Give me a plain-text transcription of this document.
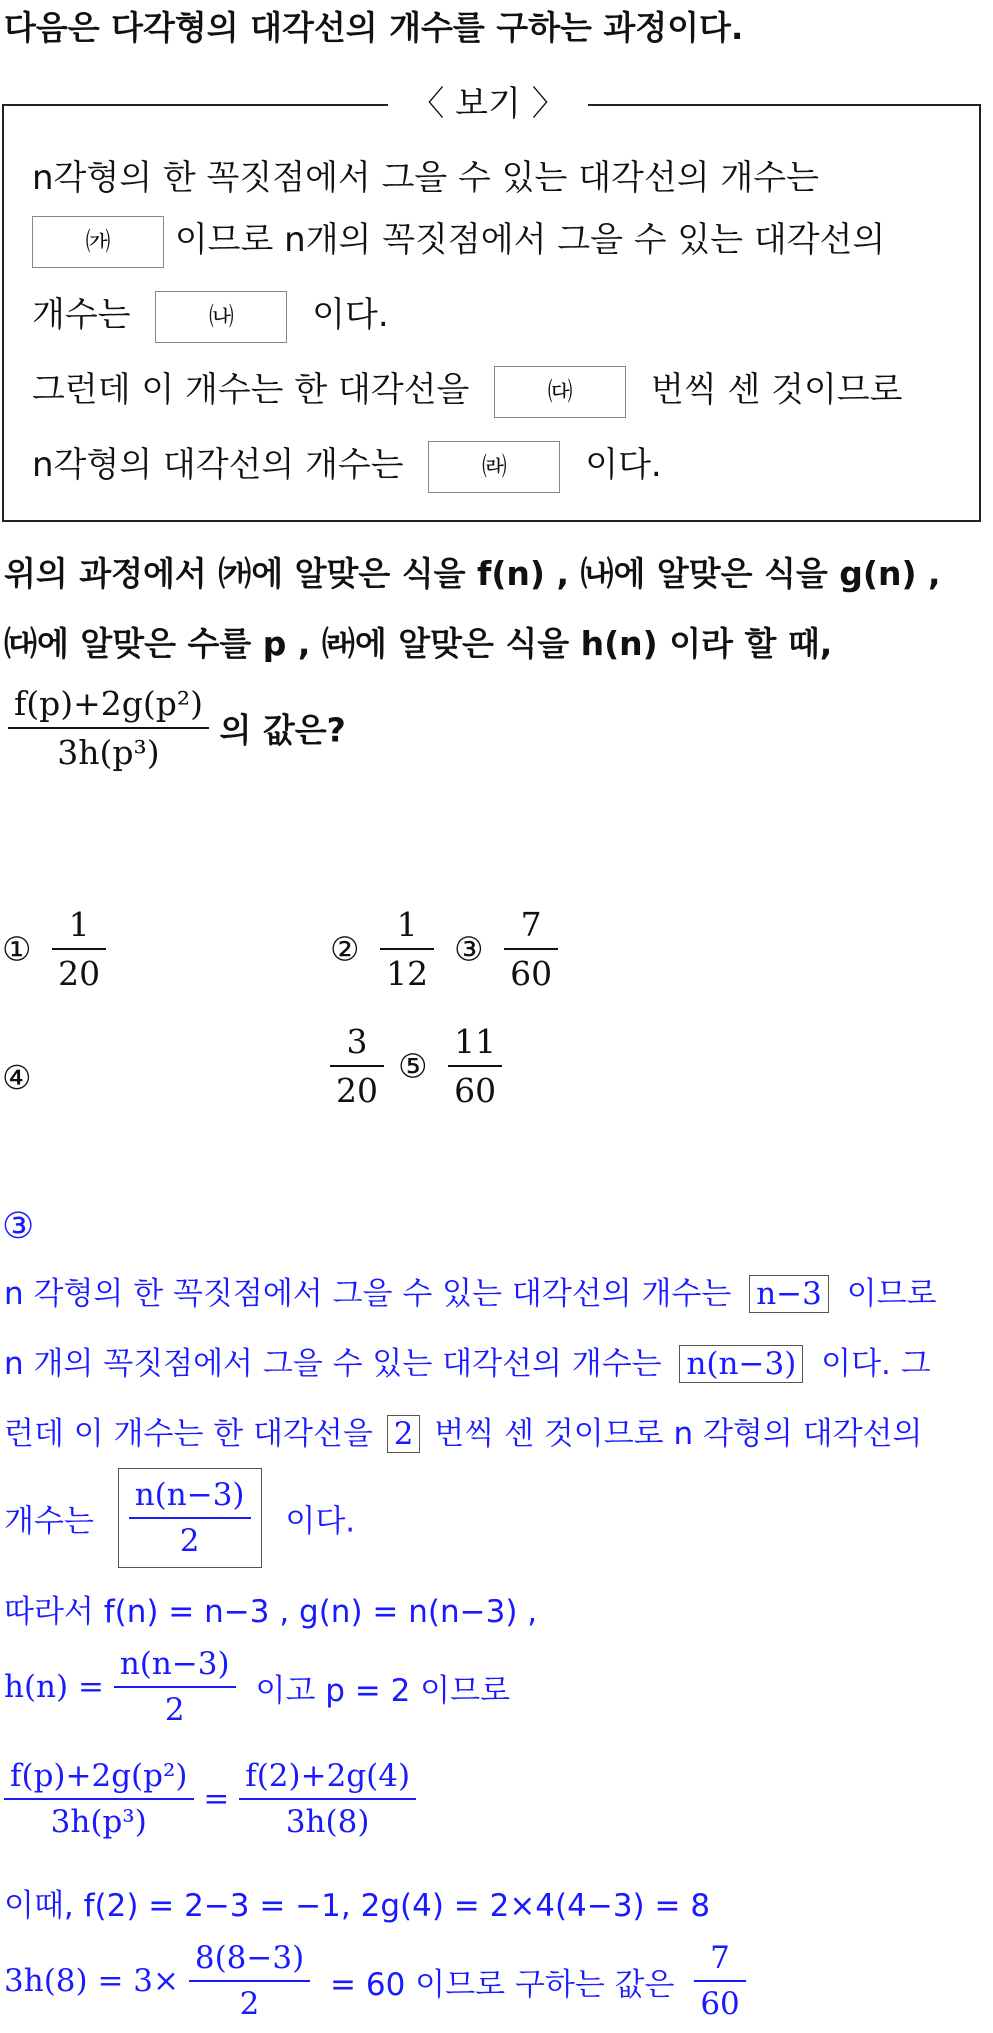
다음은 다각형의 대각선의 개수를 구하는 과정이다.
〈 보기 〉
n각형의 한 꼭짓점에서 그을 수 있는 대각선의 개수는
㈎ 이므로 n개의 꼭짓점에서 그을 수 있는 대각선의
개수는	㈏ 이다.
그런데 이 개수는 한 대각선을	㈐ 번씩 센 것이므로
n각형의 대각선의 개수는	㈑ 이다.
위의 과정에서 ㈎에 알맞은 식을 f(n) , ㈏에 알맞은 식을 g(n) ,
㈐에 알맞은 수를 p , ㈑에 알맞은 식을 h(n) 이라 할 때,
$\frac{\text{f(p)+2g(p²)}}{\text{3h(p³)}}$ 의 값은?
① $\frac{1}{20}$	② $\frac{1}{12}$ ③ $\frac{7}{60}$
④	$\frac{3}{20}$ ⑤ $\frac{11}{60}$
③
n 각형의 한 꼭짓점에서 그을 수 있는 대각선의 개수는 n−3 이므로
n 개의 꼭짓점에서 그을 수 있는 대각선의 개수는 n(n−3) 이다. 그
런데 이 개수는 한 대각선을 2 번씩 센 것이므로 n 각형의 대각선의
개수는 $\frac{n(n-3)}{2}$ 이다.
따라서 f(n) = n−3 , g(n) = n(n−3) ,
$h(n) = \frac{n(n-3)}{2}$ 이고 p = 2 이므로
$\frac{\text{f(p)+2g(p²)}}{\text{3h(p³)}} = \frac{f(2)+2g(4)}{3h(8)}$
이때, f(2) = 2−3 = −1, 2g(4) = 2×4(4−3) = 8
$3h(8) = 3\times \frac{8(8-3)}{2} = 60$ 이므로 구하는 값은 $\frac{7}{60}$
